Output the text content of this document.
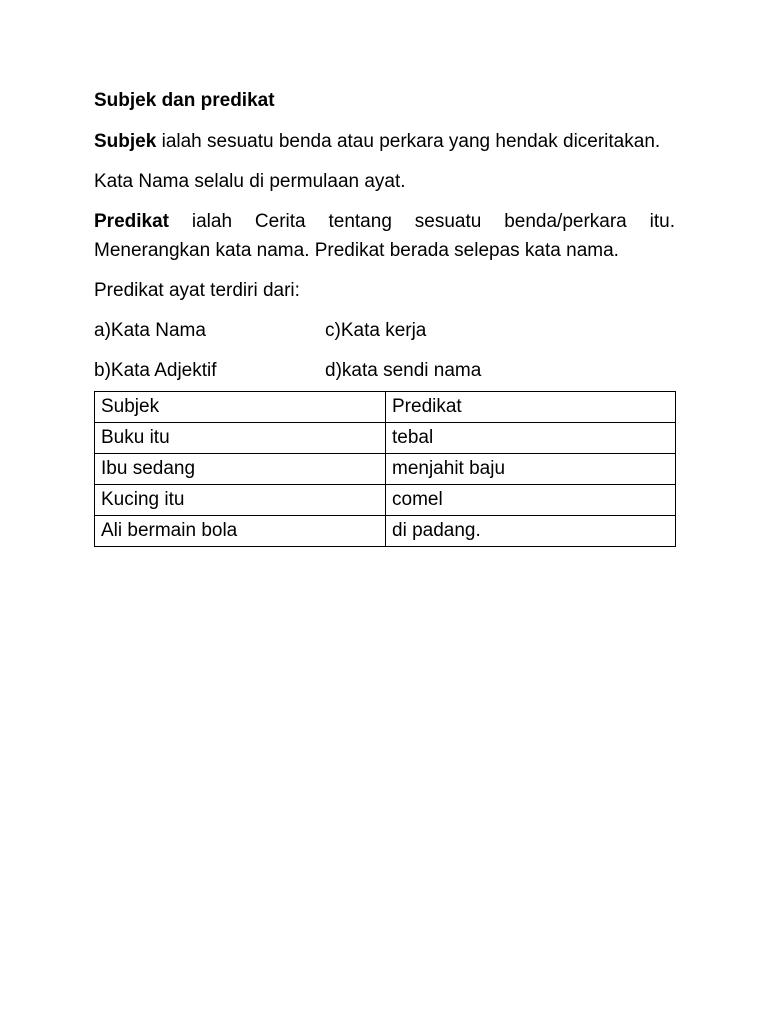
Subjek dan predikat

Subjek ialah sesuatu benda atau perkara yang hendak diceritakan.

Kata Nama selalu di permulaan ayat.

Predikat ialah Cerita tentang sesuatu benda/perkara itu. Menerangkan kata nama. Predikat berada selepas kata nama.

Predikat ayat terdiri dari:

a)Kata Nama	c)Kata kerja
b)Kata Adjektif	d)kata sendi nama
Subjek	Predikat
Buku itu	tebal
Ibu sedang	menjahit baju
Kucing itu	comel
Ali bermain bola	di padang.
